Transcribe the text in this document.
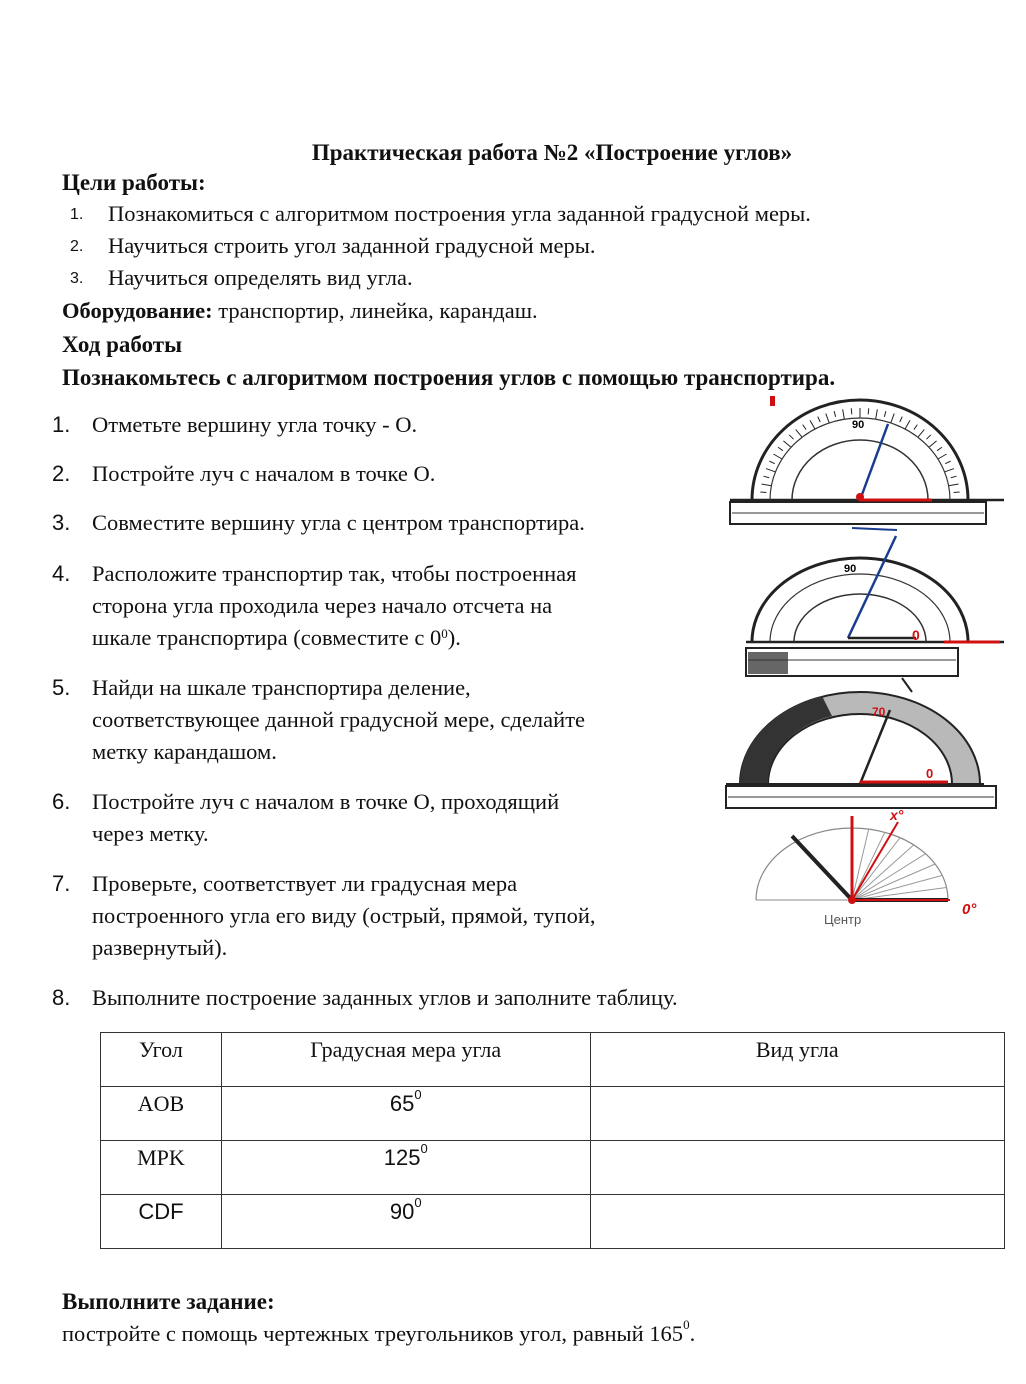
Практическая работа №2 «Построение углов»
Цели работы:
1. Познакомиться с алгоритмом построения угла заданной градусной меры.
2. Научиться строить угол заданной градусной меры.
3. Научиться определять вид угла.
Оборудование: транспортир, линейка, карандаш.
Ход работы
Познакомьтесь с алгоритмом построения углов с помощью транспортира.
1. Отметьте вершину угла точку ‐ О.
2. Постройте луч с началом в точке О.
3. Совместите вершину угла с центром транспортира.
4. Расположите транспортир так, чтобы построенная
сторона угла проходила через начало отсчета на
шкале транспортира (совместите с $0^0$).
5. Найди на шкале транспортира деление,
соответствующее данной градусной мере, сделайте
метку карандашом.
6. Постройте луч с началом в точке О, проходящий
через метку.
7. Проверьте, соответствует ли градусная мера
построенного угла его виду (острый, прямой, тупой,
развернутый).
8. Выполните построение заданных углов и заполните таблицу.
90
90
0
70
0
x°
0°
Центр
Угол	Градусная мера угла	Вид угла
AOB	$65^0$	
MPK	$125^0$	
CDF	$90^0$	
Выполните задание:
постройте с помощь чертежных треугольников угол, равный $165^0$.
